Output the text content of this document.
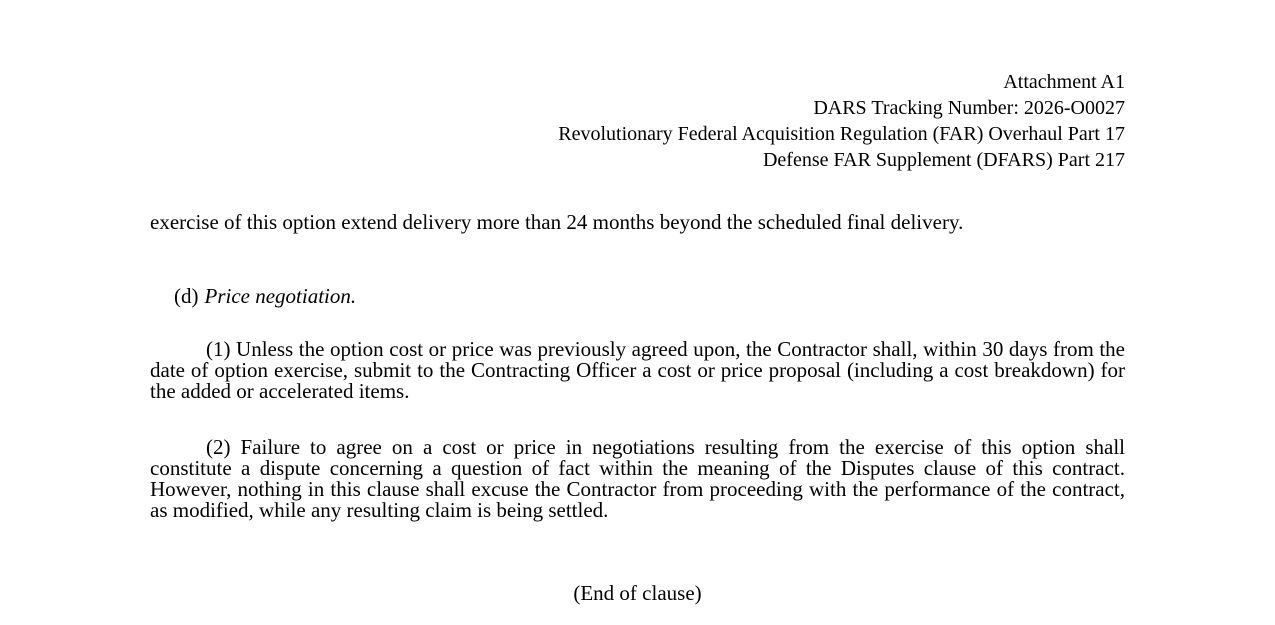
Attachment A1
DARS Tracking Number: 2026-O0027
Revolutionary Federal Acquisition Regulation (FAR) Overhaul Part 17
Defense FAR Supplement (DFARS) Part 217
exercise of this option extend delivery more than 24 months beyond the scheduled final delivery.
(d) Price negotiation.
(1) Unless the option cost or price was previously agreed upon, the Contractor shall, within 30 days from the date of option exercise, submit to the Contracting Officer a cost or price proposal (including a cost breakdown) for the added or accelerated items.
(2) Failure to agree on a cost or price in negotiations resulting from the exercise of this option shall constitute a dispute concerning a question of fact within the meaning of the Disputes clause of this contract. However, nothing in this clause shall excuse the Contractor from proceeding with the performance of the contract, as modified, while any resulting claim is being settled.
(End of clause)
